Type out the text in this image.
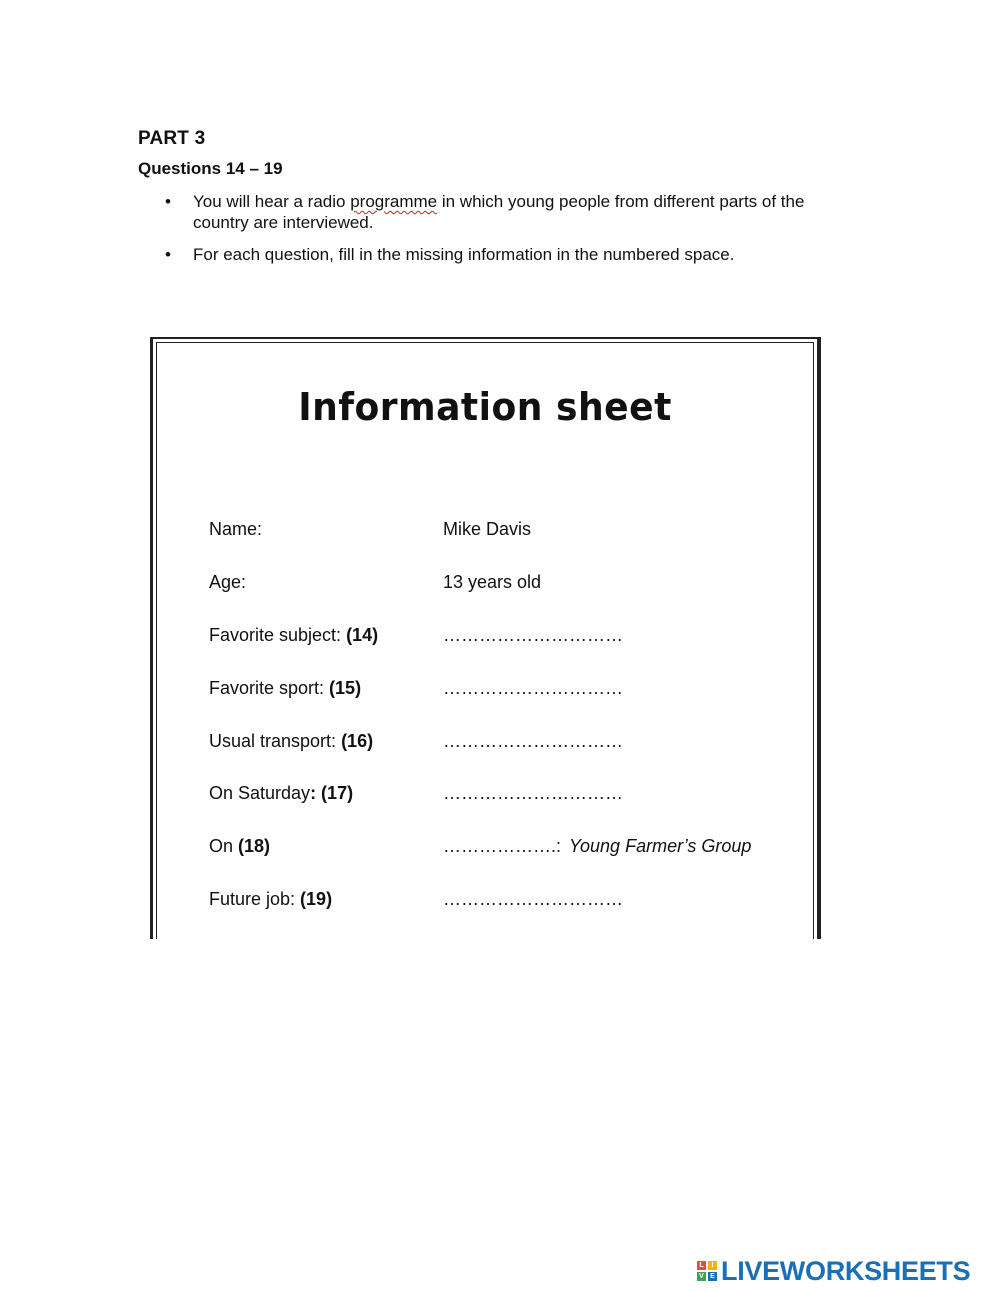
PART 3
Questions 14 – 19
• You will hear a radio programme in which young people from different parts of the country are interviewed.
• For each question, fill in the missing information in the numbered space.
Information sheet
Name:	Mike Davis
Age:	13 years old
Favorite subject: (14)	…………………………
Favorite sport: (15)	…………………………
Usual transport: (16)	…………………………
On Saturday: (17)	…………………………
On (18)	……………….: Young Farmer’s Group
Future job: (19)	…………………………
L	I
V E LIVEWORKSHEETS
